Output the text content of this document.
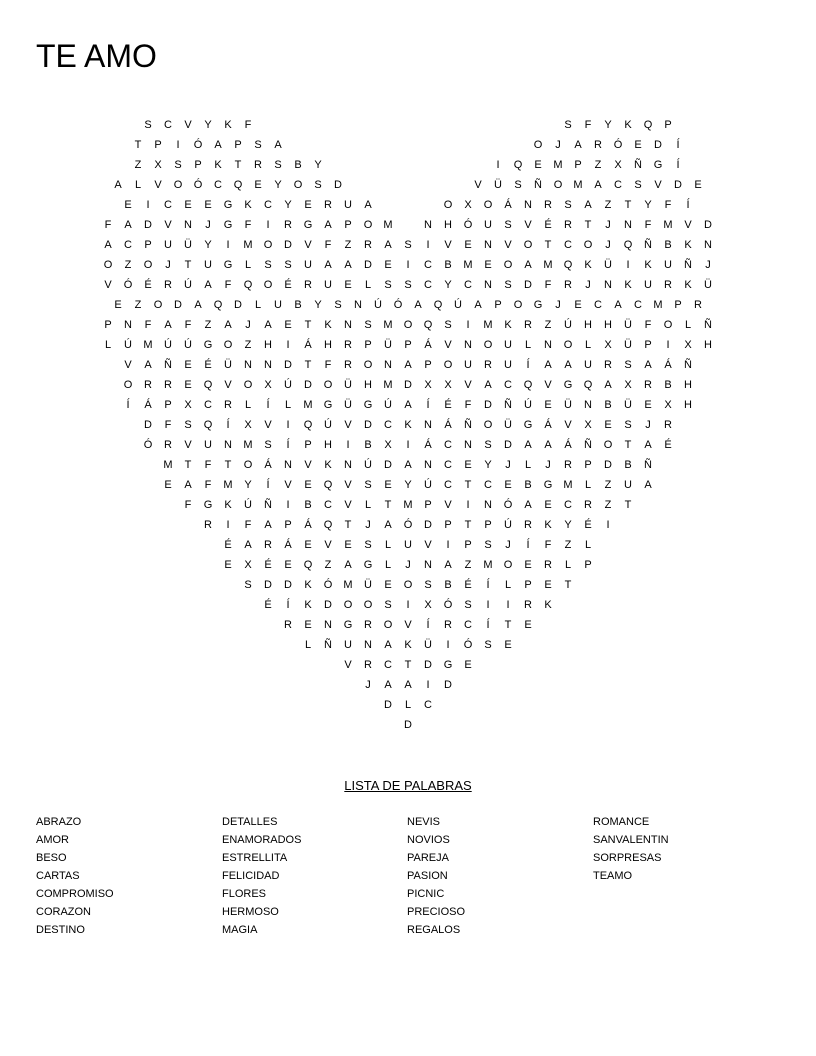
TE AMO
S	C	V	Y	K	F	S	F	Y	K	Q	P
T	P	I	Ó	A	P	S	A	O	J	A	R	Ó	E	D	Í
Z	X	S	P	K	T	R	S	B	Y	I	Q	E	M	P	Z	X	Ñ	G	Í
A	L	V	O	Ó	C	Q	E	Y	O	S	D	V	Ü	S	Ñ	O	M	A	C	S	V	D	E
E	I	C	E	E	G	K	C	Y	E	R	U	A	O	X	O	Á	N	R	S	A	Z	T	Y	F	Í
F	A	D	V	N	J	G	F	I	R	G	A	P	O	M	N	H	Ó	U	S	V	É	R	T	J	N	F	M	V	D
A	C	P	U	Ü	Y	I	M	O	D	V	F	Z	R	A	S	I	V	E	N	V	O	T	C	O	J	Q	Ñ	B	K	N
O	Z	O	J	T	U	G	L	S	S	U	A	A	D	E	I	C	B	M	E	O	A	M	Q	K	Ü	I	K	U	Ñ	J
V	Ó	É	R	Ú	A	F	Q	O	É	R	U	E	L	S	S	C	Y	C	N	S	D	F	R	J	N	K	U	R	K	Ü
E	Z	O	D	A	Q	D	L	U	B	Y	S	N	Ú	Ó	A	Q	Ú	A	P	O	G	J	E	C	A	C	M	P	R
P	N	F	A	F	Z	A	J	A	E	T	K	N	S	M	O	Q	S	I	M	K	R	Z	Ú	H	H	Ü	F	O	L	Ñ
L	Ú	M	Ú	Ú	G	O	Z	H	I	Á	H	R	P	Ü	P	Á	V	N	O	U	L	N	O	L	X	Ü	P	I	X	H
V	A	Ñ	E	É	Ü	N	N	D	T	F	R	O	N	A	P	O	U	R	U	Í	A	A	U	R	S	A	Á	Ñ
O	R	R	E	Q	V	O	X	Ú	D	O	Ü	H	M	D	X	X	V	A	C	Q	V	G	Q	A	X	R	B	H
Í	Á	P	X	C	R	L	Í	L	M	G	Ü	G	Ú	A	Í	É	F	D	Ñ	Ú	E	Ü	N	B	Ü	E	X	H
D	F	S	Q	Í	X	V	I	Q	Ú	V	D	C	K	N	Á	Ñ	O	Ü	G	Á	V	X	E	S	J	R
Ó	R	V	U	N	M	S	Í	P	H	I	B	X	I	Á	C	N	S	D	A	A	Á	Ñ	O	T	A	É
M	T	F	T	O	Á	N	V	K	N	Ú	D	A	N	C	E	Y	J	L	J	R	P	D	B	Ñ
E	A	F	M	Y	Í	V	E	Q	V	S	E	Y	Ú	C	T	C	E	B	G	M	L	Z	U	A
F	G	K	Ú	Ñ	I	B	C	V	L	T	M	P	V	I	N	Ó	A	E	C	R	Z	T
R	I	F	A	P	Á	Q	T	J	A	Ó	D	P	T	P	Ú	R	K	Y	É	I
É	A	R	Á	E	V	E	S	L	U	V	I	P	S	J	Í	F	Z	L
E	X	É	E	Q	Z	A	G	L	J	N	A	Z	M	O	E	R	L	P
S	D	D	K	Ó	M	Ü	E	O	S	B	É	Í	L	P	E	T
É	Í	K	D	O	O	S	I	X	Ó	S	I	I	R	K
R	E	N	G	R	O	V	Í	R	C	Í	T	E
L	Ñ	U	N	A	K	Ü	I	Ó	S	E
V	R	C	T	D	G	E
J	A	A	I	D
D	L	C
D
LISTA DE PALABRAS
ABRAZO
AMOR
BESO
CARTAS
COMPROMISO
CORAZON
DESTINO
DETALLES
ENAMORADOS
ESTRELLITA
FELICIDAD
FLORES
HERMOSO
MAGIA
NEVIS
NOVIOS
PAREJA
PASION
PICNIC
PRECIOSO
REGALOS
ROMANCE
SANVALENTIN
SORPRESAS
TEAMO
